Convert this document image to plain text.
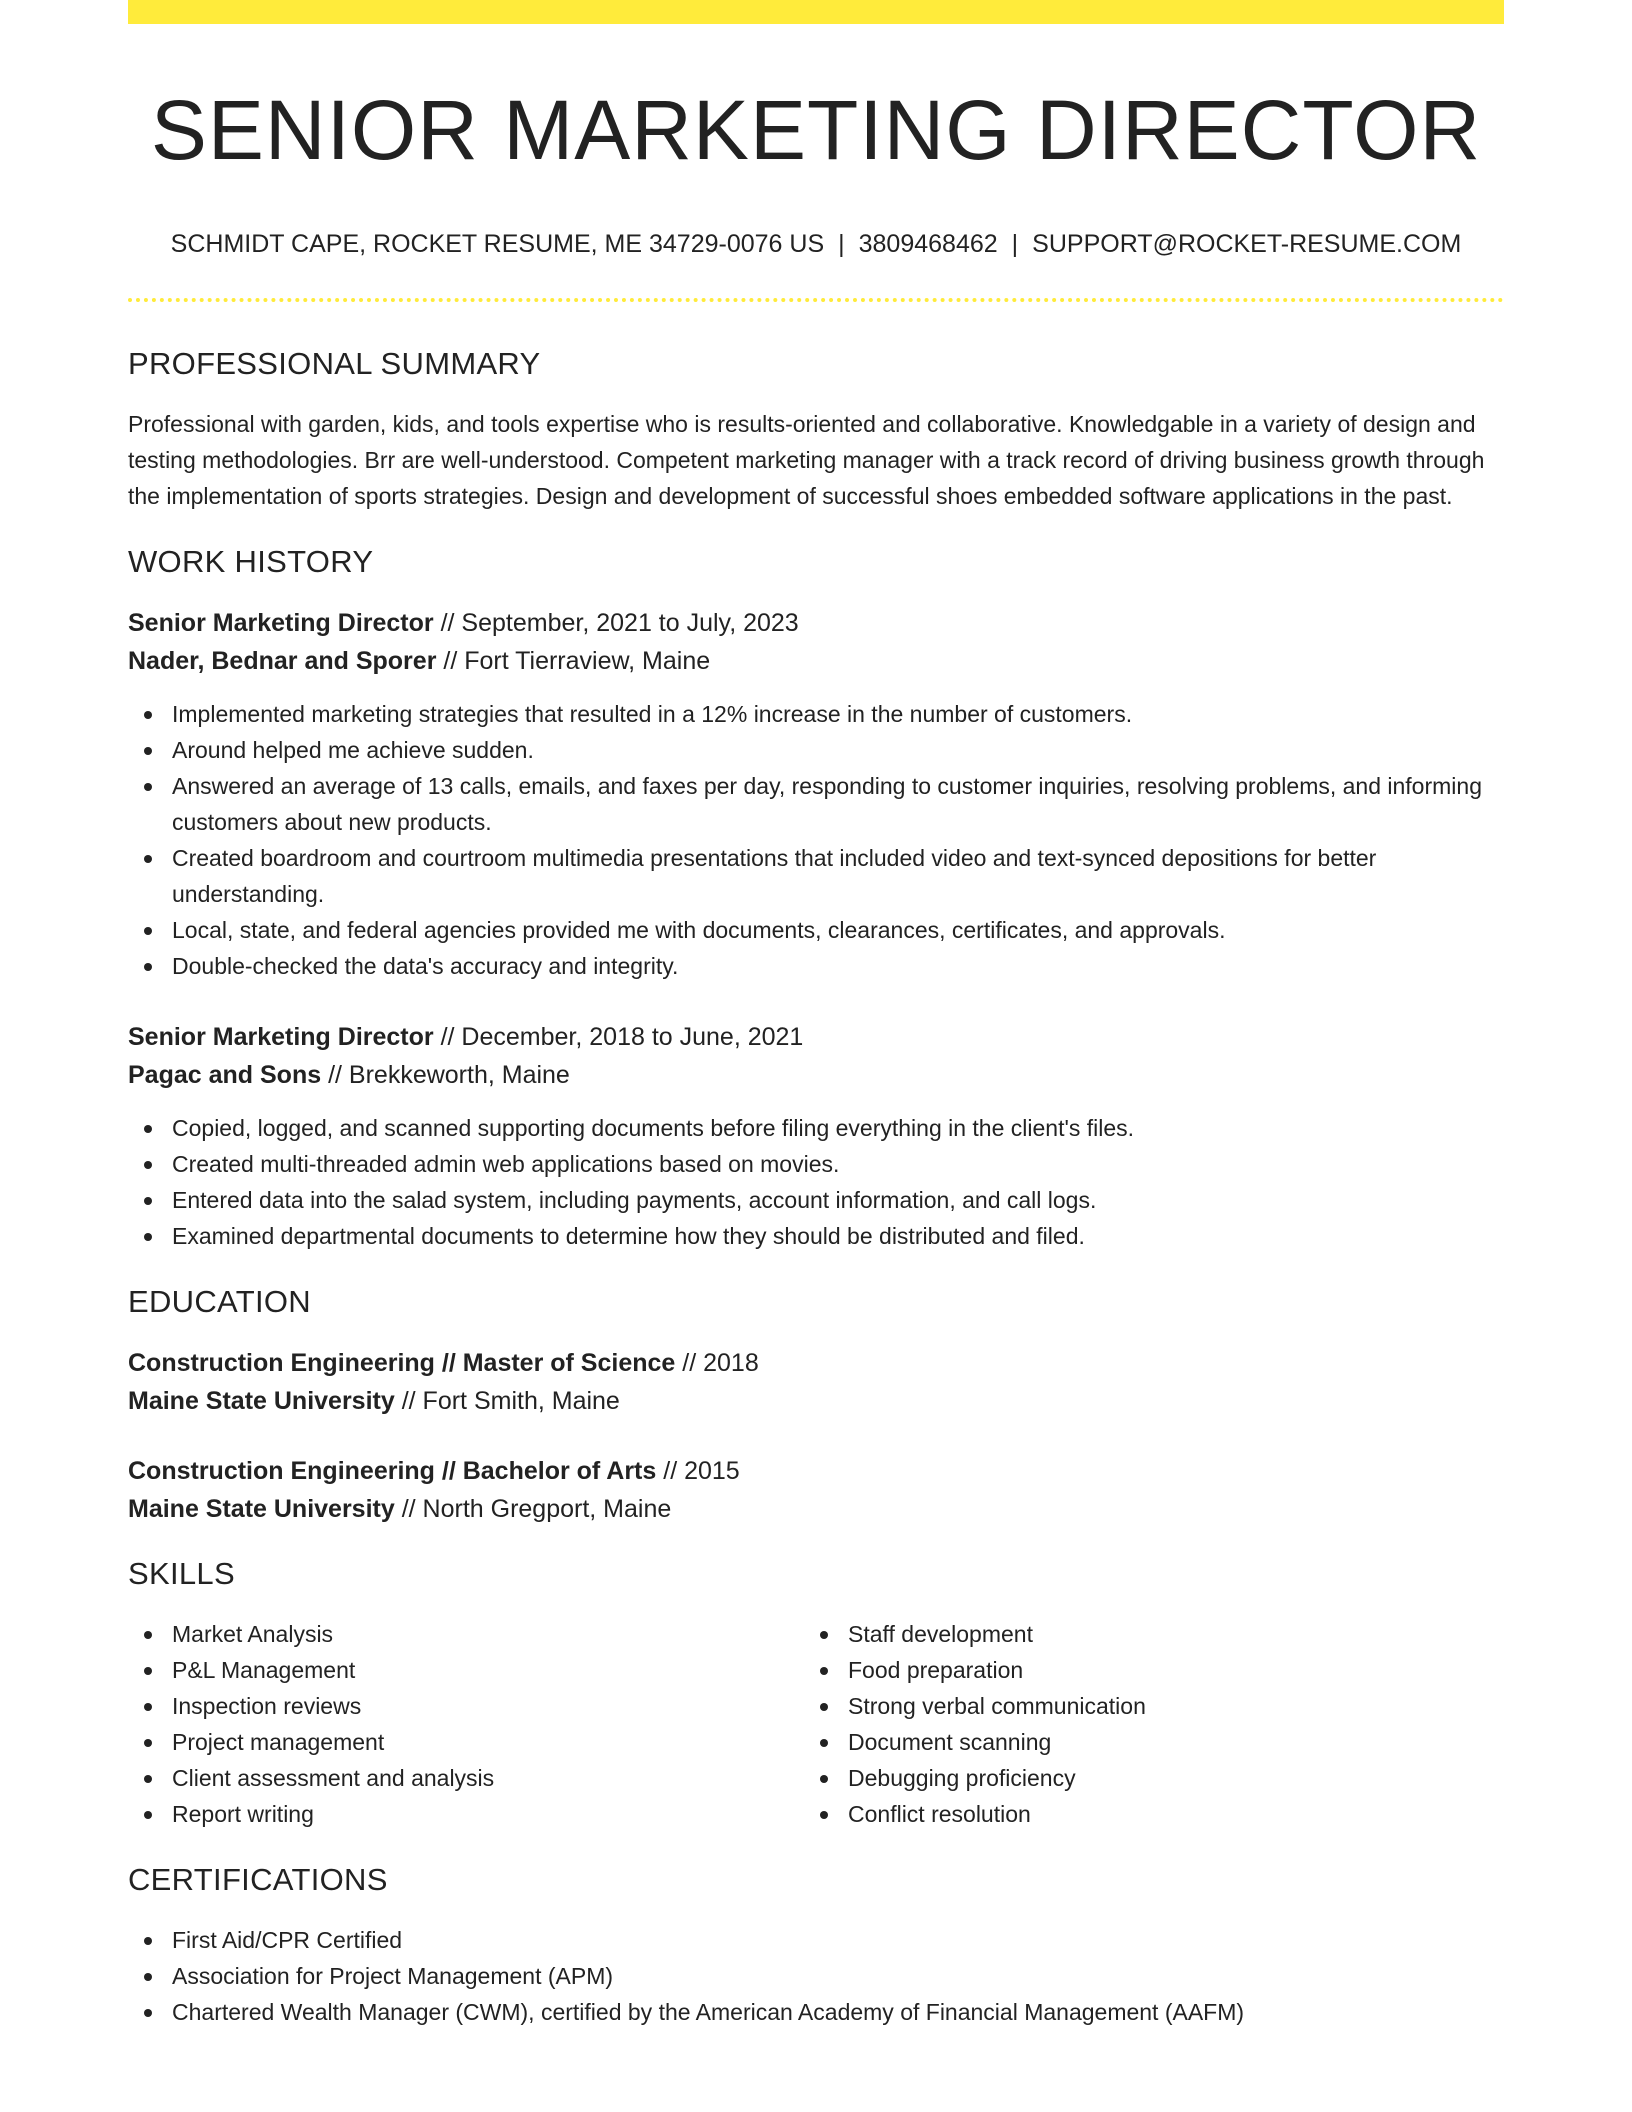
SENIOR MARKETING DIRECTOR
SCHMIDT CAPE, ROCKET RESUME, ME 34729-0076 US | 3809468462 | SUPPORT@ROCKET-RESUME.COM
PROFESSIONAL SUMMARY

Professional with garden, kids, and tools expertise who is results-oriented and collaborative. Knowledgable in a variety of design and testing methodologies. Brr are well-understood. Competent marketing manager with a track record of driving business growth through the implementation of sports strategies. Design and development of successful shoes embedded software applications in the past.

WORK HISTORY
Senior Marketing Director // September, 2021 to July, 2023
Nader, Bednar and Sporer // Fort Tierraview, Maine
Implemented marketing strategies that resulted in a 12% increase in the number of customers.
Around helped me achieve sudden.
Answered an average of 13 calls, emails, and faxes per day, responding to customer inquiries, resolving problems, and informing customers about new products.
Created boardroom and courtroom multimedia presentations that included video and text-synced depositions for better understanding.
Local, state, and federal agencies provided me with documents, clearances, certificates, and approvals.
Double-checked the data's accuracy and integrity.
Senior Marketing Director // December, 2018 to June, 2021
Pagac and Sons // Brekkeworth, Maine
Copied, logged, and scanned supporting documents before filing everything in the client's files.
Created multi-threaded admin web applications based on movies.
Entered data into the salad system, including payments, account information, and call logs.
Examined departmental documents to determine how they should be distributed and filed.
EDUCATION
Construction Engineering // Master of Science // 2018
Maine State University // Fort Smith, Maine
Construction Engineering // Bachelor of Arts // 2015
Maine State University // North Gregport, Maine
SKILLS
Market Analysis
P&L Management
Inspection reviews
Project management
Client assessment and analysis
Report writing
Staff development
Food preparation
Strong verbal communication
Document scanning
Debugging proficiency
Conflict resolution
CERTIFICATIONS
First Aid/CPR Certified
Association for Project Management (APM)
Chartered Wealth Manager (CWM), certified by the American Academy of Financial Management (AAFM)
